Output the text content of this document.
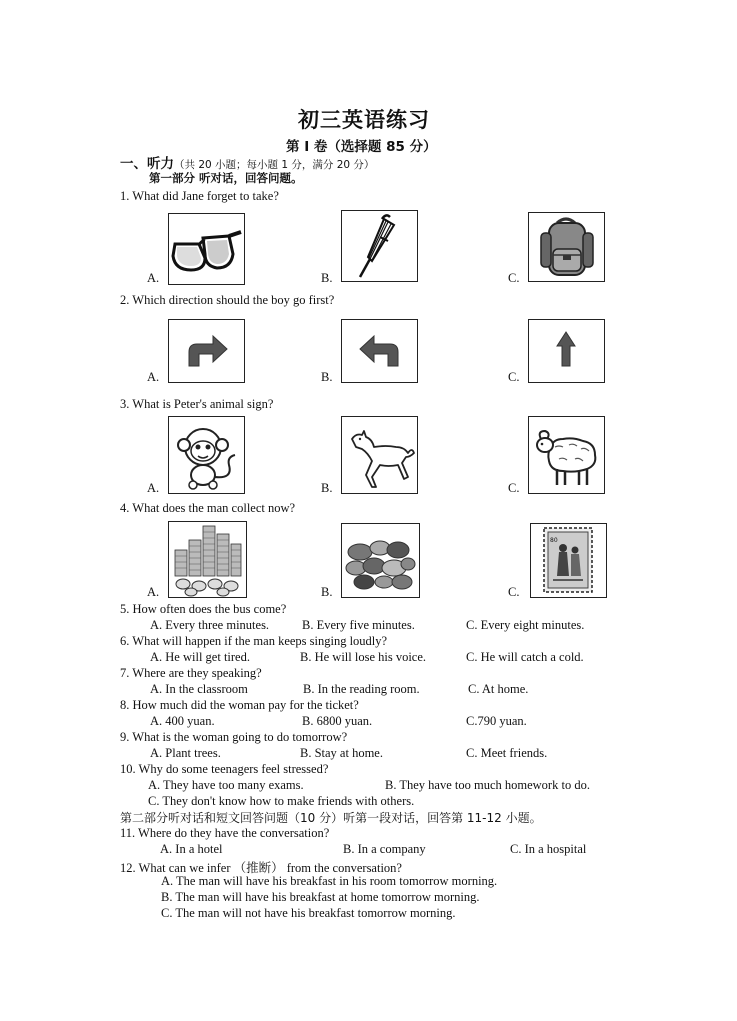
初三英语练习
第 I 卷（选择题 85 分）
一、听力（共 20 小题；每小题 1 分，满分 20 分）
第一部分 听对话，回答问题。
1. What did Jane forget to take?
A.	B.	C.
2. Which direction should the boy go first?
A.	B.	C.
3. What is Peter's animal sign?
A.	B.	C.
4. What does the man collect now?
A.	B.	C.
80
5. How often does the bus come?
A. Every three minutes.	B. Every five minutes.	C. Every eight minutes.
6. What will happen if the man keeps singing loudly?
A. He will get tired.	B. He will lose his voice.	C. He will catch a cold.
7. Where are they speaking?
A. In the classroom	B. In the reading room.	C. At home.
8. How much did the woman pay for the ticket?
A. 400 yuan.	B. 6800 yuan.	C.790 yuan.
9. What is the woman going to do tomorrow?
A. Plant trees.	B. Stay at home.	C. Meet friends.
10. Why do some teenagers feel stressed?
A. They have too many exams.	B. They have too much homework to do.
C. They don't know how to make friends with others.
第二部分听对话和短文回答问题（10 分）听第一段对话，回答第 11-12 小题。
11. Where do they have the conversation?
A. In a hotel	B. In a company	C. In a hospital
12. What can we infer （推断） from the conversation?
A. The man will have his breakfast in his room tomorrow morning.
B. The man will have his breakfast at home tomorrow morning.
C. The man will not have his breakfast tomorrow morning.
